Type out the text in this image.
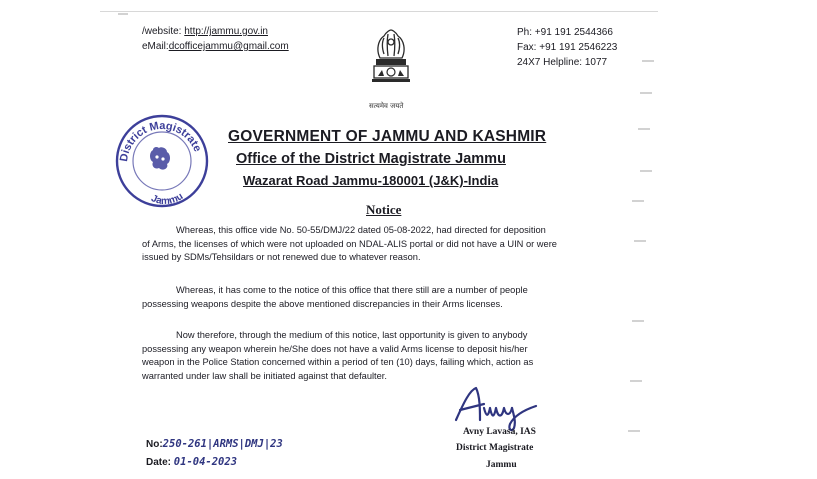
/website: http://jammu.gov.in
eMail:dcofficejammu@gmail.com
Ph: +91 191 2544366
Fax: +91 191 2546223
24X7 Helpline: 1077
सत्यमेव जयते
District Magistrate
Jammu
GOVERNMENT OF JAMMU AND KASHMIR
Office of the District Magistrate Jammu
Wazarat Road Jammu-180001 (J&K)-India
Notice

Whereas, this office vide No. 50-55/DMJ/22 dated 05-08-2022, had directed for deposition

of Arms, the licenses of which were not uploaded on NDAL-ALIS portal or did not have a UIN or were

issued by SDMs/Tehsildars or not renewed due to whatever reason.

Whereas, it has come to the notice of this office that there still are a number of people

possessing weapons despite the above mentioned discrepancies in their Arms licenses.

Now therefore, through the medium of this notice, last opportunity is given to anybody

possessing any weapon wherein he/She does not have a valid Arms license to deposit his/her

weapon in the Police Station concerned within a period of ten (10) days, failing which, action as

warranted under law shall be initiated against that defaulter.

No:250-261|ARMS|DMJ|23
Date: 01-04-2023
Avny Lavasa, IAS
District Magistrate
Jammu
